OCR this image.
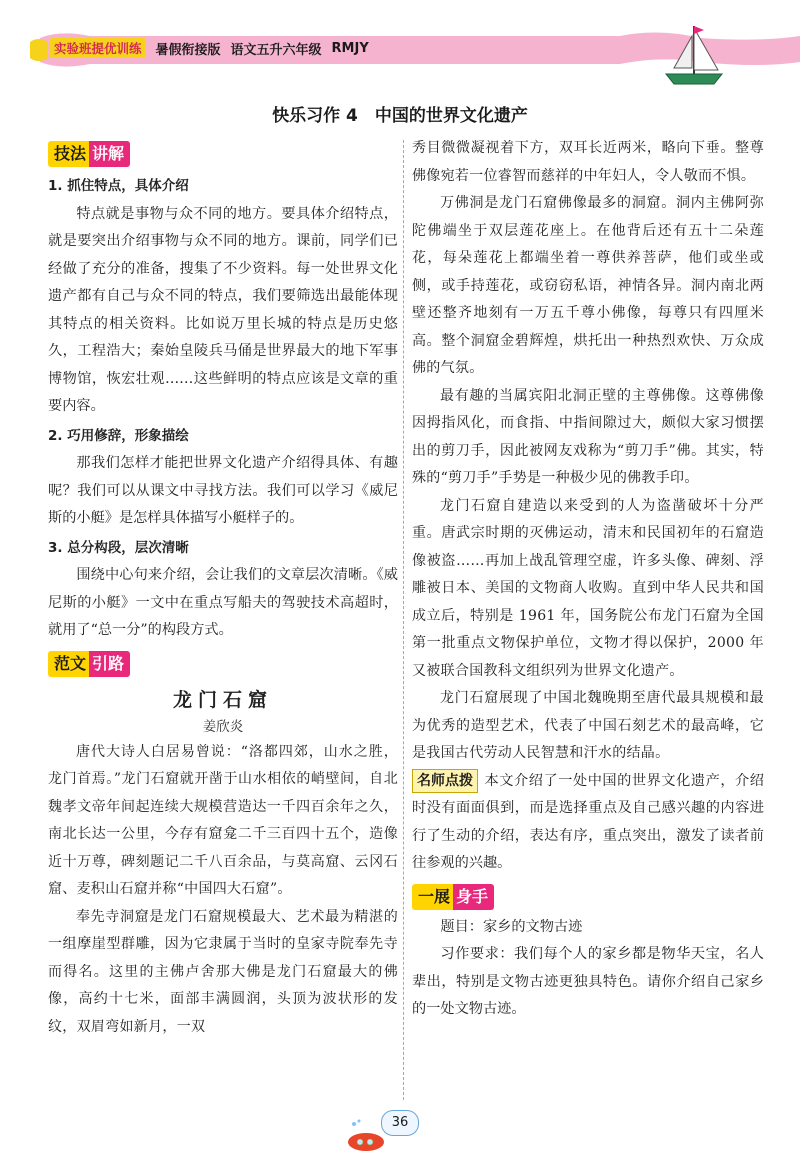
实验班提优训练	暑假衔接版 语文五升六年级 RMJY
快乐习作 4　中国的世界文化遗产
技法 讲解
1. 抓住特点，具体介绍

特点就是事物与众不同的地方。要具体介绍特点，就是要突出介绍事物与众不同的地方。课前，同学们已经做了充分的准备，搜集了不少资料。每一处世界文化遗产都有自己与众不同的特点，我们要筛选出最能体现其特点的相关资料。比如说万里长城的特点是历史悠久，工程浩大；秦始皇陵兵马俑是世界最大的地下军事博物馆，恢宏壮观……这些鲜明的特点应该是文章的重要内容。

2. 巧用修辞，形象描绘

那我们怎样才能把世界文化遗产介绍得具体、有趣呢？我们可以从课文中寻找方法。我们可以学习《威尼斯的小艇》是怎样具体描写小艇样子的。

3. 总分构段，层次清晰

围绕中心句来介绍，会让我们的文章层次清晰。《威尼斯的小艇》一文中在重点写船夫的驾驶技术高超时，就用了“总一分”的构段方式。

范文 引路
龙门石窟
姜欣炎

唐代大诗人白居易曾说：“洛都四郊，山水之胜，龙门首焉。”龙门石窟就开凿于山水相依的峭壁间，自北魏孝文帝年间起连续大规模营造达一千四百余年之久，南北长达一公里，今存有窟龛二千三百四十五个，造像近十万尊，碑刻题记二千八百余品，与莫高窟、云冈石窟、麦积山石窟并称“中国四大石窟”。

奉先寺洞窟是龙门石窟规模最大、艺术最为精湛的一组摩崖型群雕，因为它隶属于当时的皇家寺院奉先寺而得名。这里的主佛卢舍那大佛是龙门石窟最大的佛像，高约十七米，面部丰满圆润，头顶为波状形的发纹，双眉弯如新月，一双

秀目微微凝视着下方，双耳长近两米，略向下垂。整尊佛像宛若一位睿智而慈祥的中年妇人，令人敬而不惧。

万佛洞是龙门石窟佛像最多的洞窟。洞内主佛阿弥陀佛端坐于双层莲花座上。在他背后还有五十二朵莲花，每朵莲花上都端坐着一尊供养菩萨，他们或坐或侧，或手持莲花，或窃窃私语，神情各异。洞内南北两壁还整齐地刻有一万五千尊小佛像，每尊只有四厘米高。整个洞窟金碧辉煌，烘托出一种热烈欢快、万众成佛的气氛。

最有趣的当属宾阳北洞正壁的主尊佛像。这尊佛像因拇指风化，而食指、中指间隙过大，颇似大家习惯摆出的剪刀手，因此被网友戏称为“剪刀手”佛。其实，特殊的“剪刀手”手势是一种极少见的佛教手印。

龙门石窟自建造以来受到的人为盗凿破坏十分严重。唐武宗时期的灭佛运动，清末和民国初年的石窟造像被盗……再加上战乱管理空虚，许多头像、碑刻、浮雕被日本、美国的文物商人收购。直到中华人民共和国成立后，特别是 1961 年，国务院公布龙门石窟为全国第一批重点文物保护单位，文物才得以保护，2000 年又被联合国教科文组织列为世界文化遗产。

龙门石窟展现了中国北魏晚期至唐代最具规模和最为优秀的造型艺术，代表了中国石刻艺术的最高峰，它是我国古代劳动人民智慧和汗水的结晶。

名师点拨 本文介绍了一处中国的世界文化遗产，介绍时没有面面俱到，而是选择重点及自己感兴趣的内容进行了生动的介绍，表达有序，重点突出，激发了读者前往参观的兴趣。

一展 身手

题目：家乡的文物古迹

习作要求：我们每个人的家乡都是物华天宝，名人辈出，特别是文物古迹更独具特色。请你介绍自己家乡的一处文物古迹。

36
